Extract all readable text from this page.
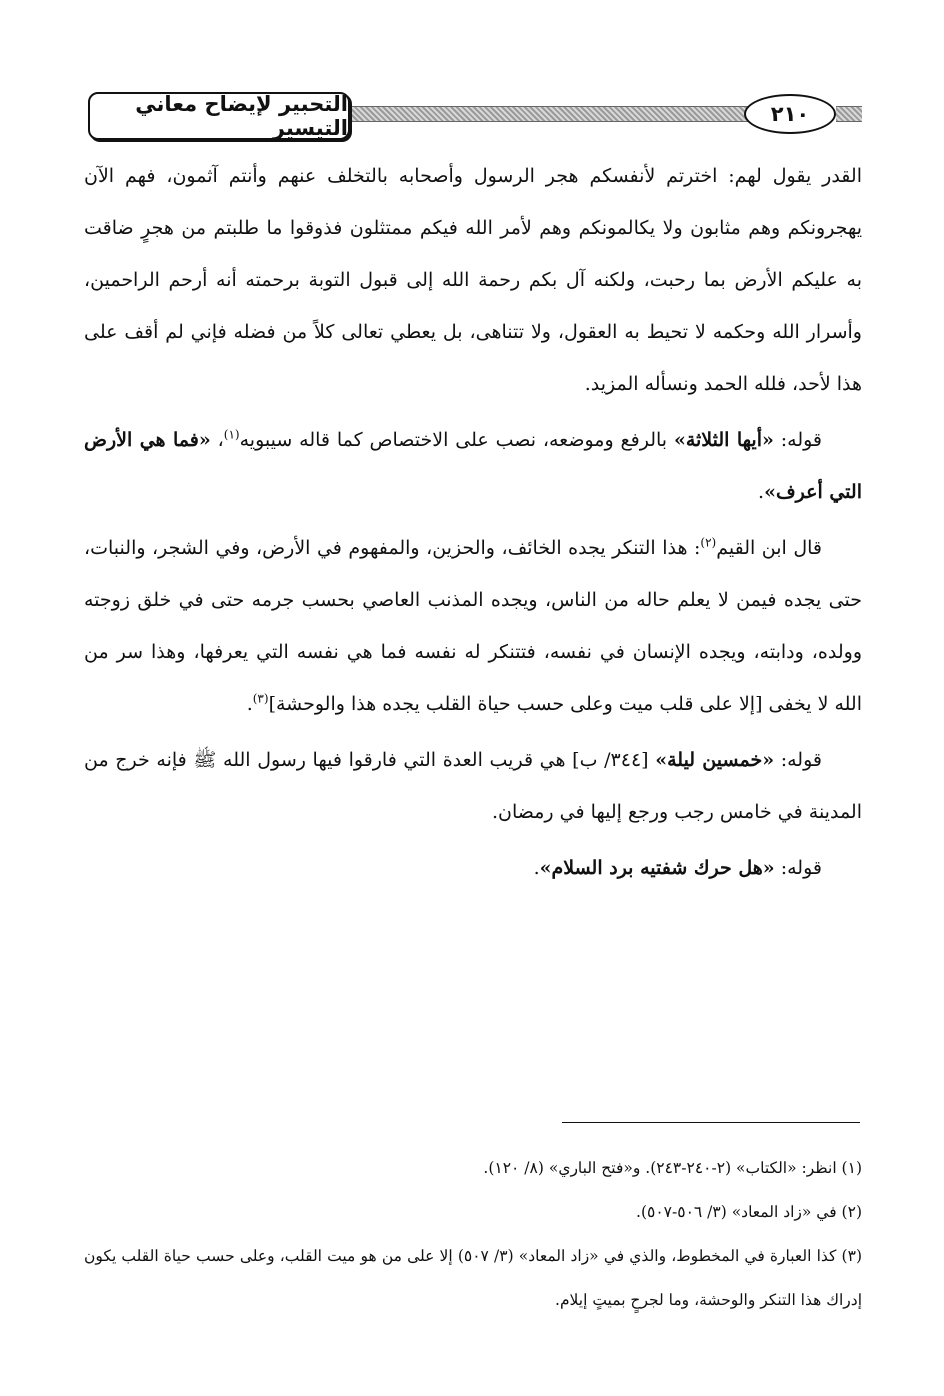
التحبير لإيضاح معاني التيسير
٢١٠

القدر يقول لهم: اخترتم لأنفسكم هجر الرسول وأصحابه بالتخلف عنهم وأنتم آثمون، فهم الآن يهجرونكم وهم مثابون ولا يكالمونكم وهم لأمر الله فيكم ممتثلون فذوقوا ما طلبتم من هجرٍ ضاقت به عليكم الأرض بما رحبت، ولكنه آل بكم رحمة الله إلى قبول التوبة برحمته أنه أرحم الراحمين، وأسرار الله وحكمه لا تحيط به العقول، ولا تتناهى، بل يعطي تعالى كلاً من فضله فإني لم أقف على هذا لأحد، فلله الحمد ونسأله المزيد.

قوله: «أيها الثلاثة» بالرفع وموضعه، نصب على الاختصاص كما قاله سيبويه$^{(١)}$، «فما هي الأرض التي أعرف».

قال ابن القيم$^{(٢)}$: هذا التنكر يجده الخائف، والحزين، والمفهوم في الأرض، وفي الشجر، والنبات، حتى يجده فيمن لا يعلم حاله من الناس، ويجده المذنب العاصي بحسب جرمه حتى في خلق زوجته وولده، ودابته، ويجده الإنسان في نفسه، فتتنكر له نفسه فما هي نفسه التي يعرفها، وهذا سر من الله لا يخفى [إلا على قلب ميت وعلى حسب حياة القلب يجده هذا والوحشة]$^{(٣)}$.

قوله: «خمسين ليلة» [٣٤٤/ ب] هي قريب العدة التي فارقوا فيها رسول الله ﷺ فإنه خرج من المدينة في خامس رجب ورجع إليها في رمضان.

قوله: «هل حرك شفتيه برد السلام».

(١) انظر: «الكتاب» (٢-٢٤٠-٢٤٣). و«فتح الباري» (٨/ ١٢٠).

(٢) في «زاد المعاد» (٣/ ٥٠٦-٥٠٧).

(٣) كذا العبارة في المخطوط، والذي في «زاد المعاد» (٣/ ٥٠٧) إلا على من هو ميت القلب، وعلى حسب حياة القلب يكون إدراك هذا التنكر والوحشة، وما لجرحٍ بميتٍ إيلام.
